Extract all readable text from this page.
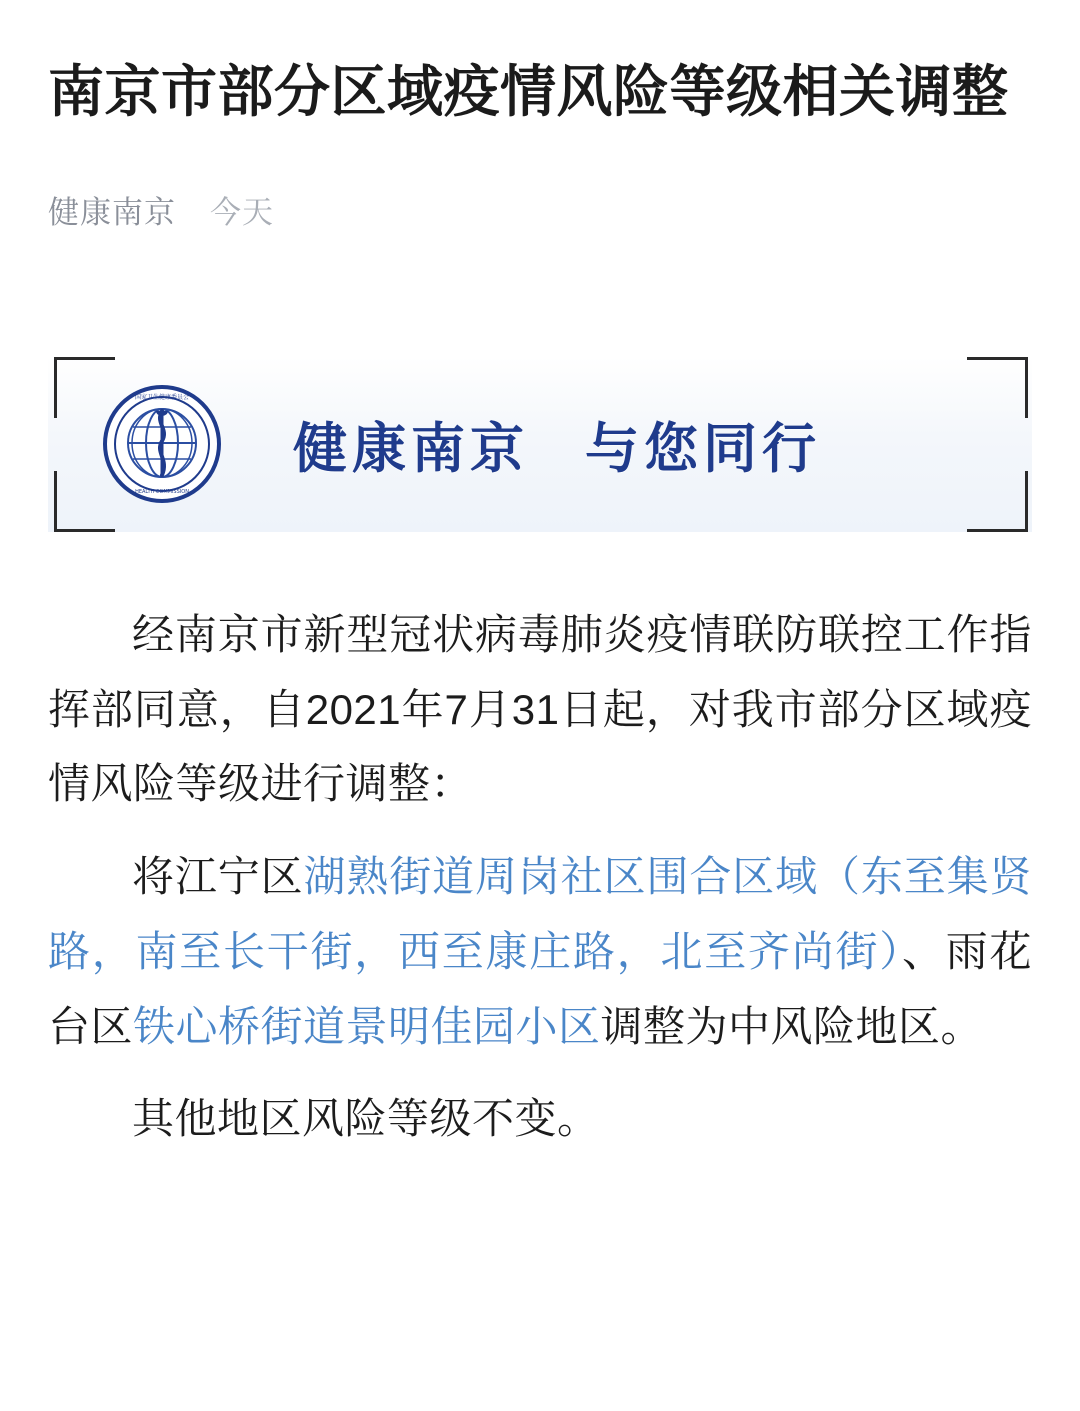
南京市部分区域疫情风险等级相关调整
健康南京 今天
国家卫生健康委员会
HEALTH COMMISSION
健康南京 与您同行

经南京市新型冠状病毒肺炎疫情联防联控工作指挥部同意，自2021年7月31日起，对我市部分区域疫情风险等级进行调整：

将江宁区湖熟街道周岗社区围合区域（东至集贤路，南至长干街，西至康庄路，北至齐尚街）、雨花台区铁心桥街道景明佳园小区调整为中风险地区。

其他地区风险等级不变。
